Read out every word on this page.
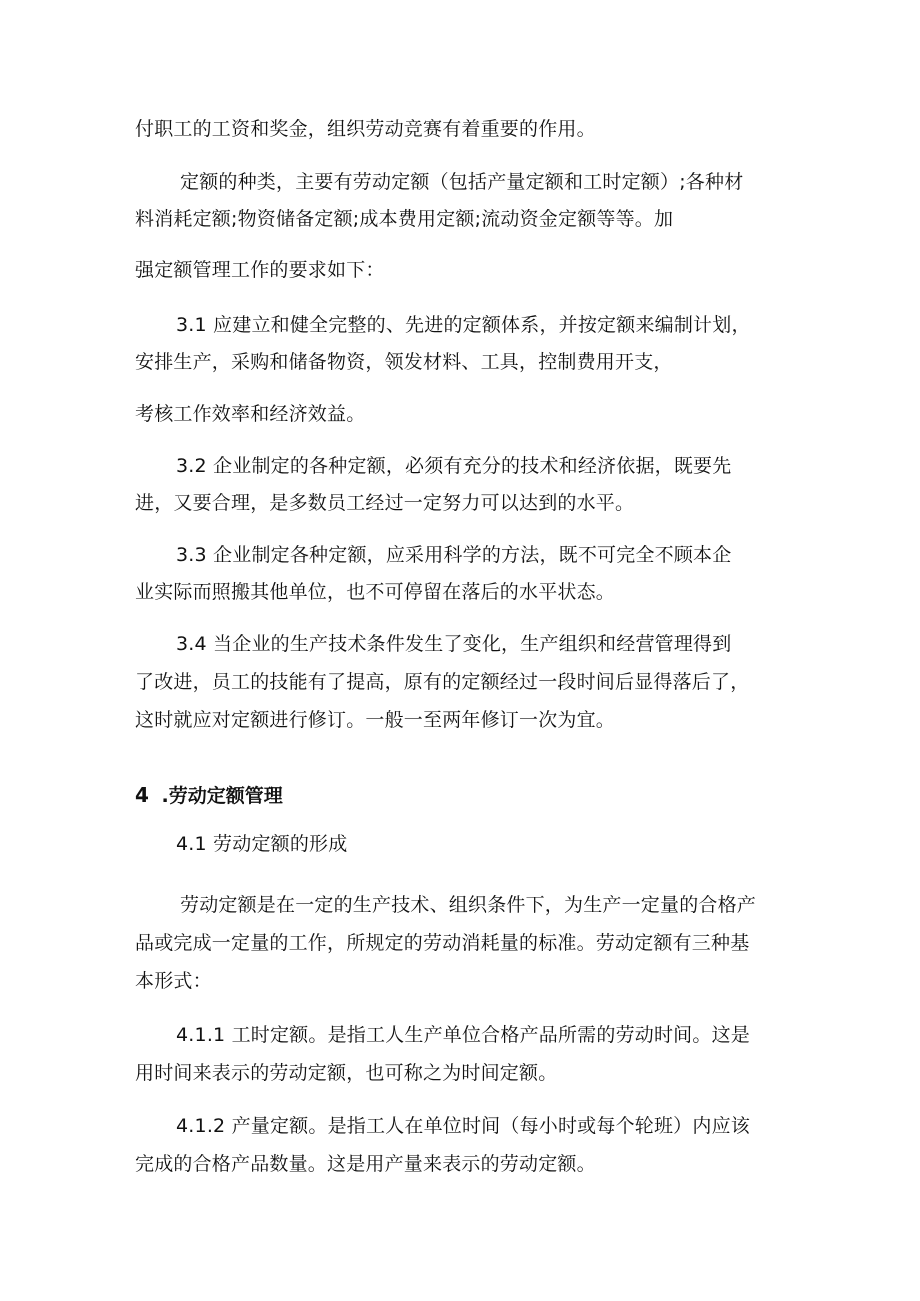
付职工的工资和奖金，组织劳动竞赛有着重要的作用。

定额的种类，主要有劳动定额（包括产量定额和工时定额）;各种材

料消耗定额;物资储备定额;成本费用定额;流动资金定额等等。加

强定额管理工作的要求如下：

3.1 应建立和健全完整的、先进的定额体系，并按定额来编制计划，

安排生产，采购和储备物资，领发材料、工具，控制费用开支，

考核工作效率和经济效益。

3.2 企业制定的各种定额，必须有充分的技术和经济依据，既要先

进，又要合理，是多数员工经过一定努力可以达到的水平。

3.3 企业制定各种定额，应采用科学的方法，既不可完全不顾本企

业实际而照搬其他单位，也不可停留在落后的水平状态。

3.4 当企业的生产技术条件发生了变化，生产组织和经营管理得到

了改进，员工的技能有了提高，原有的定额经过一段时间后显得落后了，

这时就应对定额进行修订。一般一至两年修订一次为宜。

4 .劳动定额管理

4.1 劳动定额的形成

劳动定额是在一定的生产技术、组织条件下，为生产一定量的合格产

品或完成一定量的工作，所规定的劳动消耗量的标准。劳动定额有三种基

本形式：

4.1.1 工时定额。是指工人生产单位合格产品所需的劳动时间。这是

用时间来表示的劳动定额，也可称之为时间定额。

4.1.2 产量定额。是指工人在单位时间（每小时或每个轮班）内应该

完成的合格产品数量。这是用产量来表示的劳动定额。
